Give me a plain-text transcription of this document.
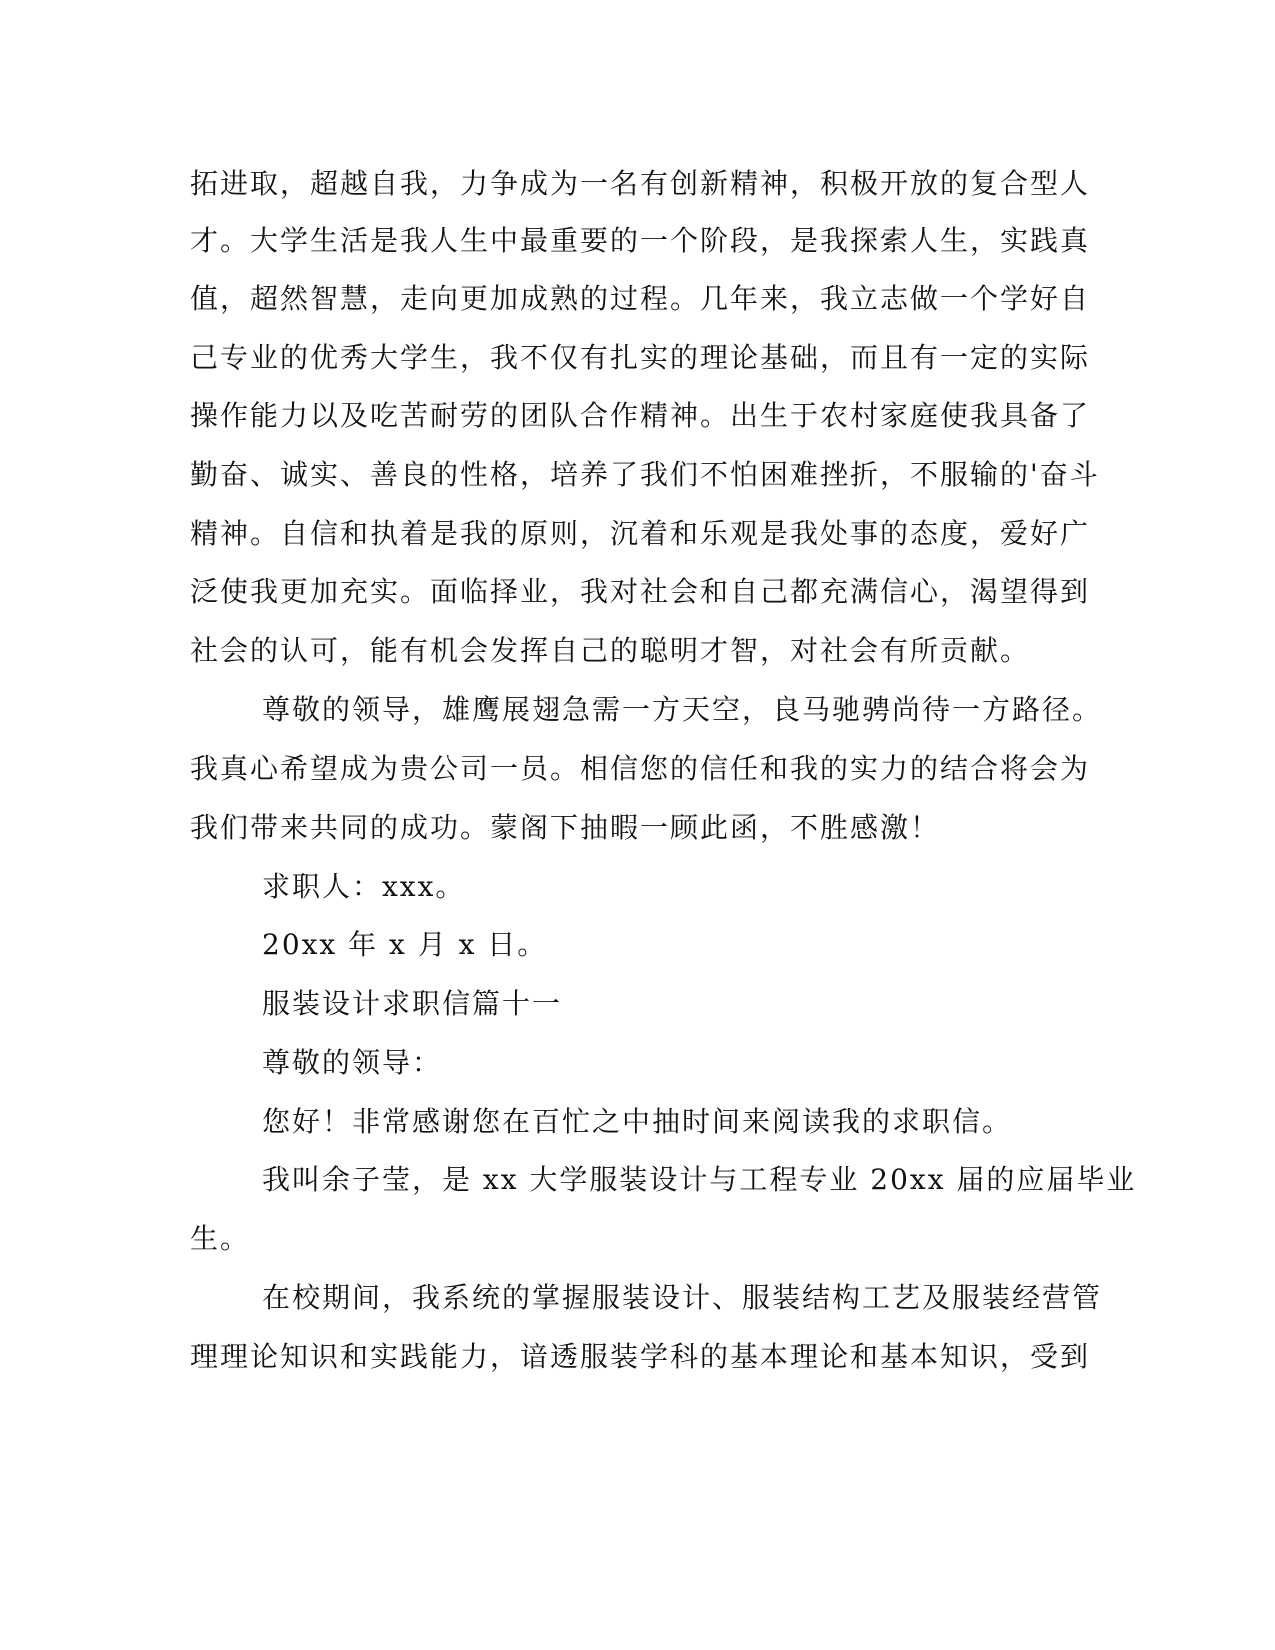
拓进取，超越自我，力争成为一名有创新精神，积极开放的复合型人
才。大学生活是我人生中最重要的一个阶段，是我探索人生，实践真
值，超然智慧，走向更加成熟的过程。几年来，我立志做一个学好自
己专业的优秀大学生，我不仅有扎实的理论基础，而且有一定的实际
操作能力以及吃苦耐劳的团队合作精神。出生于农村家庭使我具备了
勤奋、诚实、善良的性格，培养了我们不怕困难挫折，不服输的'奋斗
精神。自信和执着是我的原则，沉着和乐观是我处事的态度，爱好广
泛使我更加充实。面临择业，我对社会和自己都充满信心，渴望得到
社会的认可，能有机会发挥自己的聪明才智，对社会有所贡献。
尊敬的领导，雄鹰展翅急需一方天空，良马驰骋尚待一方路径。
我真心希望成为贵公司一员。相信您的信任和我的实力的结合将会为
我们带来共同的成功。蒙阁下抽暇一顾此函，不胜感激！
求职人：xxx。
20xx 年 x 月 x 日。
服装设计求职信篇十一
尊敬的领导：
您好！非常感谢您在百忙之中抽时间来阅读我的求职信。
我叫余子莹，是 xx 大学服装设计与工程专业 20xx 届的应届毕业
生。
在校期间，我系统的掌握服装设计、服装结构工艺及服装经营管
理理论知识和实践能力，谙透服装学科的基本理论和基本知识，受到
